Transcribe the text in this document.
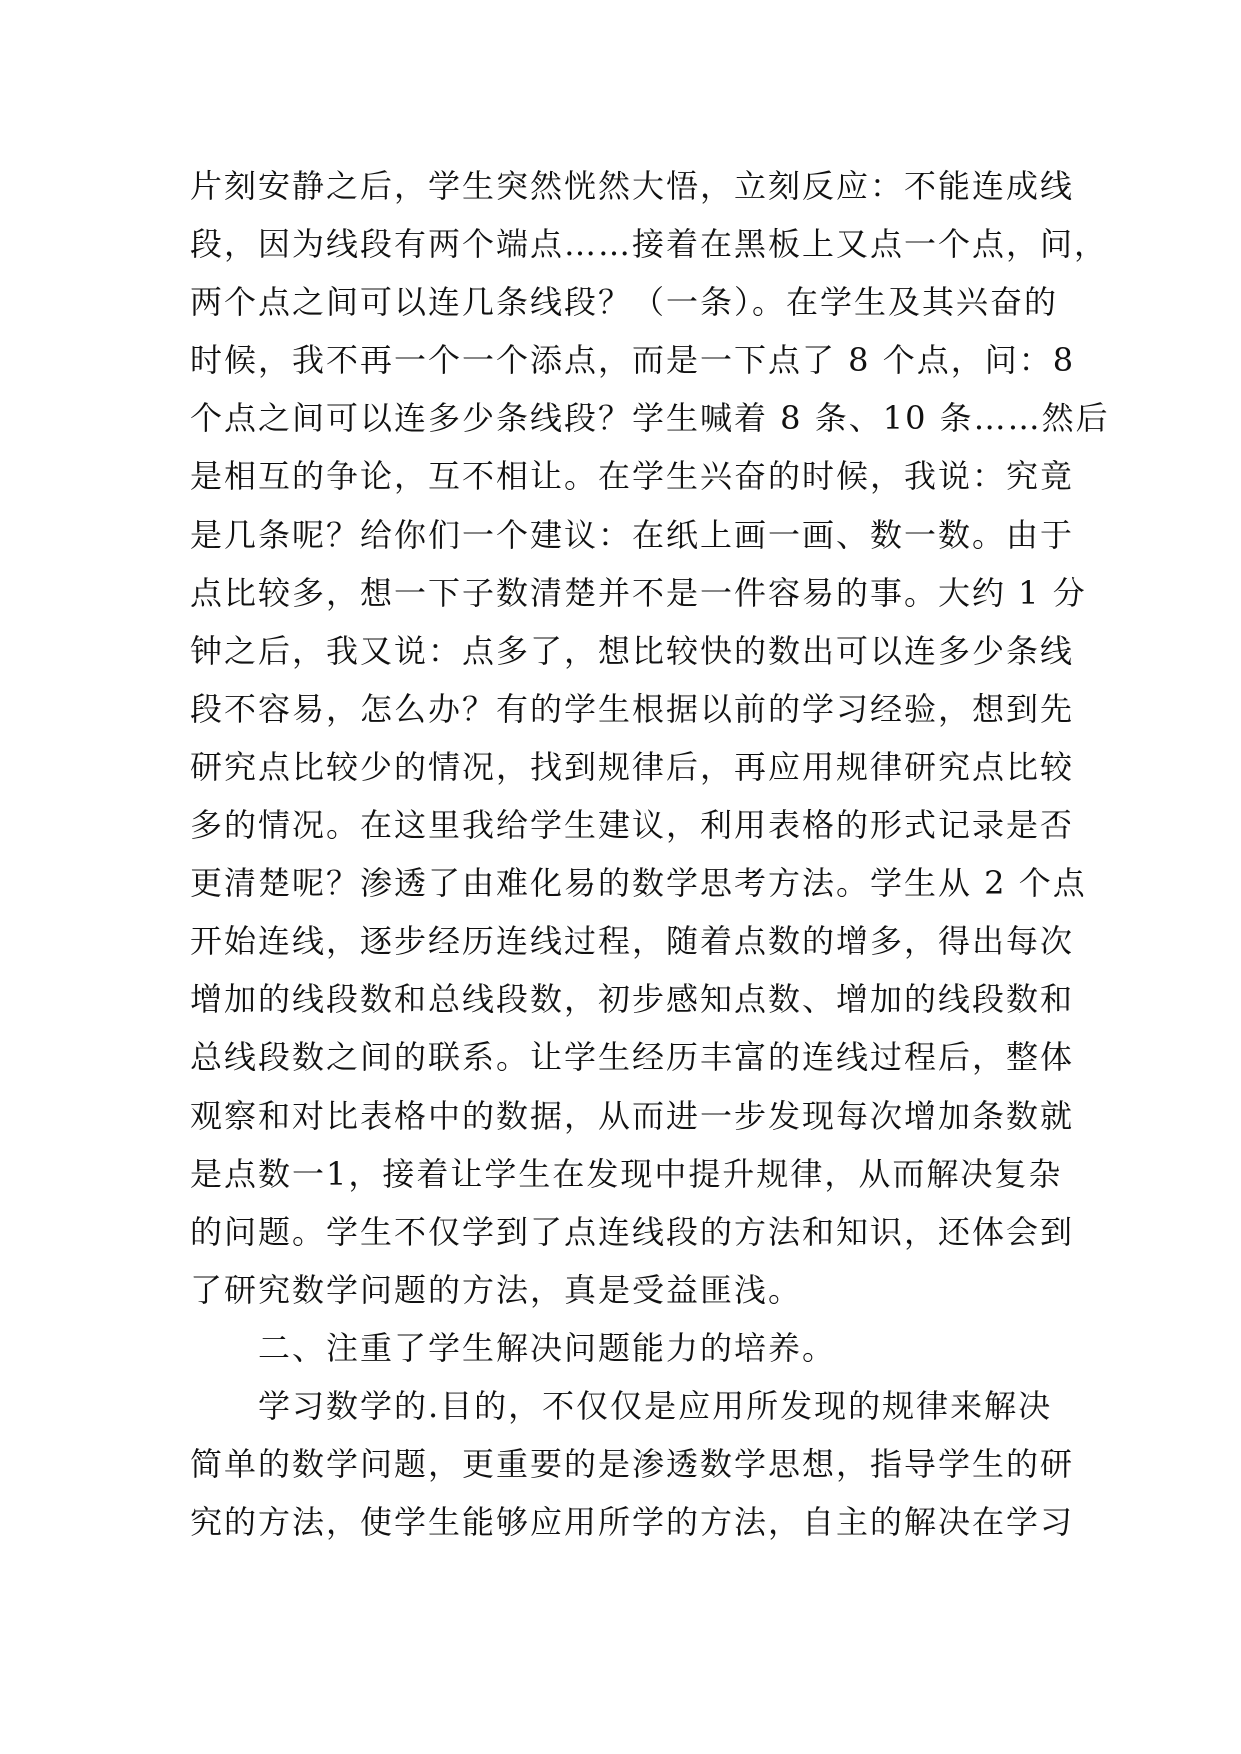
片刻安静之后，学生突然恍然大悟，立刻反应：不能连成线
段，因为线段有两个端点……接着在黑板上又点一个点，问，
两个点之间可以连几条线段？（一条）。在学生及其兴奋的
时候，我不再一个一个添点，而是一下点了 8 个点，问：8
个点之间可以连多少条线段？学生喊着 8 条、10 条……然后
是相互的争论，互不相让。在学生兴奋的时候，我说：究竟
是几条呢？给你们一个建议：在纸上画一画、数一数。由于
点比较多，想一下子数清楚并不是一件容易的事。大约 1 分
钟之后，我又说：点多了，想比较快的数出可以连多少条线
段不容易，怎么办？有的学生根据以前的学习经验，想到先
研究点比较少的情况，找到规律后，再应用规律研究点比较
多的情况。在这里我给学生建议，利用表格的形式记录是否
更清楚呢？渗透了由难化易的数学思考方法。学生从 2 个点
开始连线，逐步经历连线过程，随着点数的增多，得出每次
增加的线段数和总线段数，初步感知点数、增加的线段数和
总线段数之间的联系。让学生经历丰富的连线过程后，整体
观察和对比表格中的数据，从而进一步发现每次增加条数就
是点数一1，接着让学生在发现中提升规律，从而解决复杂
的问题。学生不仅学到了点连线段的方法和知识，还体会到
了研究数学问题的方法，真是受益匪浅。
　　二、注重了学生解决问题能力的培养。
　　学习数学的.目的，不仅仅是应用所发现的规律来解决
简单的数学问题，更重要的是渗透数学思想，指导学生的研
究的方法，使学生能够应用所学的方法，自主的解决在学习
